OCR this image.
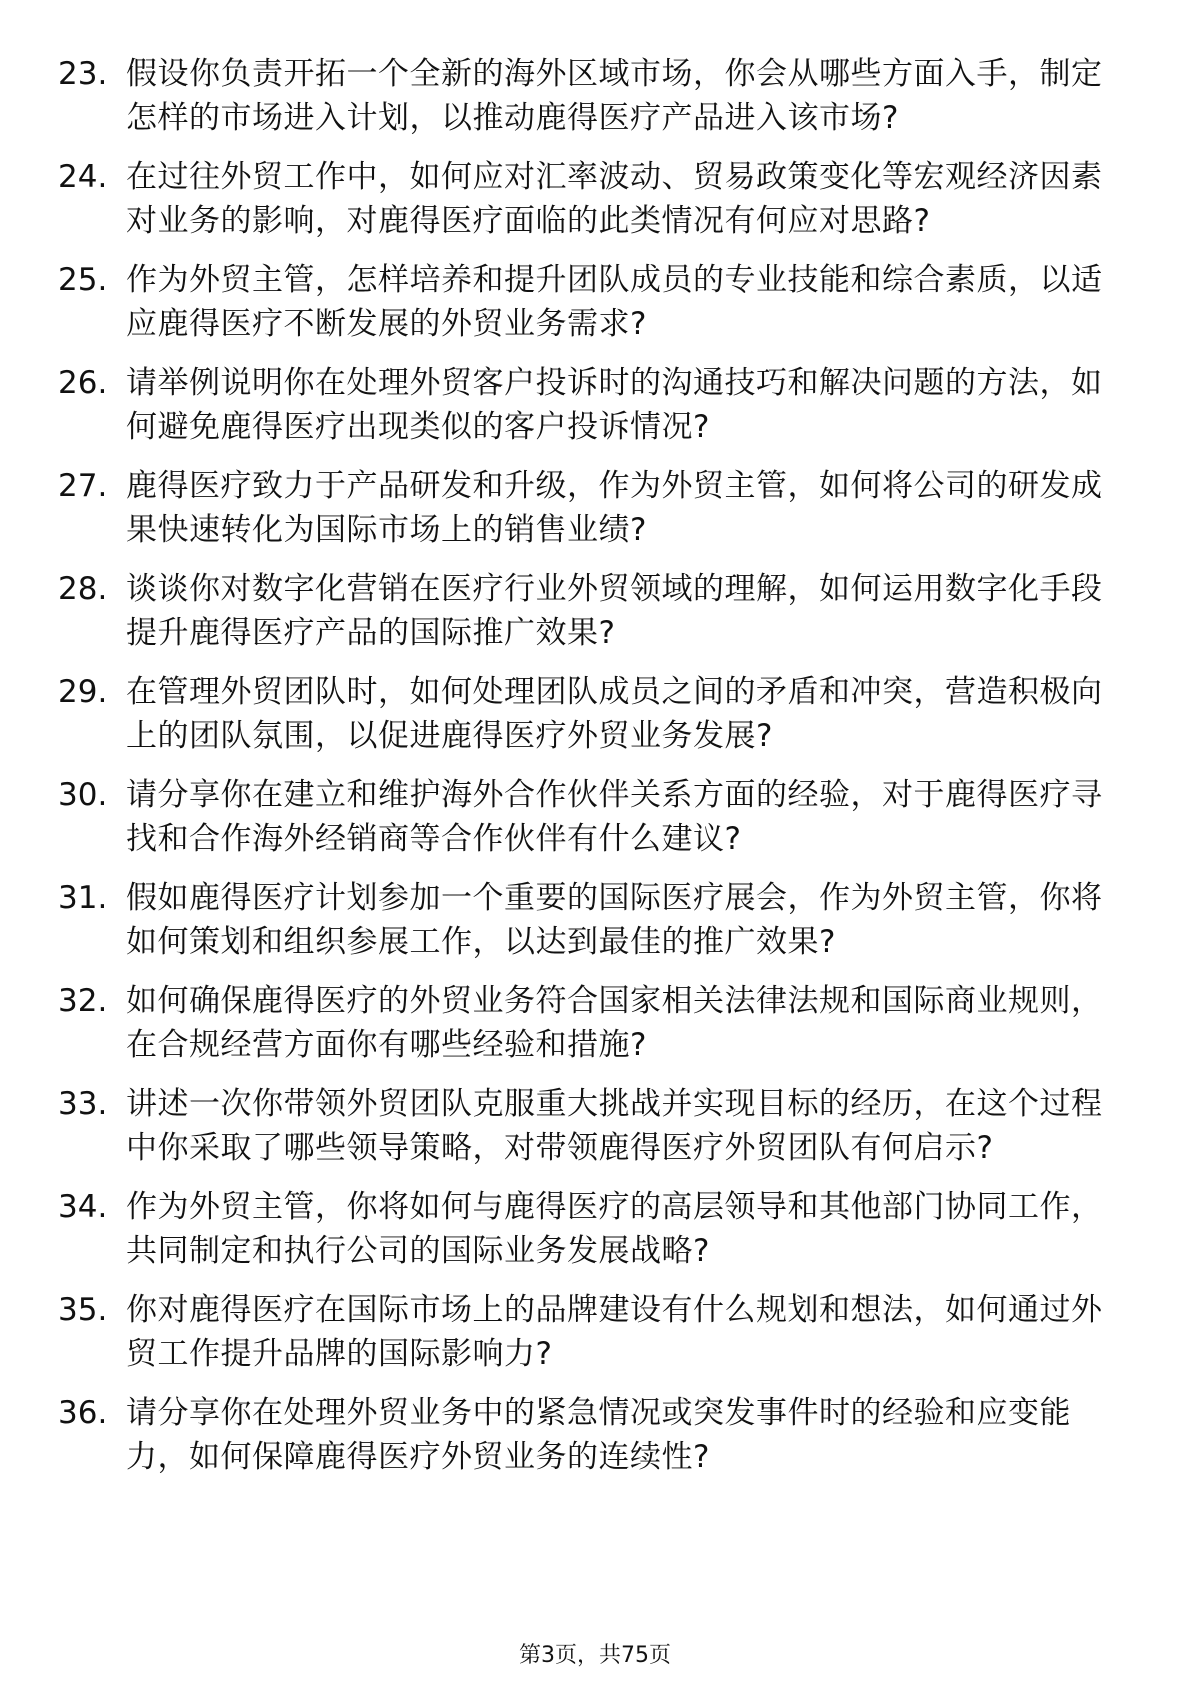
23. 假设你负责开拓一个全新的海外区域市场，你会从哪些方面入手，制定怎样的市场进入计划，以推动鹿得医疗产品进入该市场?
24. 在过往外贸工作中，如何应对汇率波动、贸易政策变化等宏观经济因素对业务的影响，对鹿得医疗面临的此类情况有何应对思路?
25. 作为外贸主管，怎样培养和提升团队成员的专业技能和综合素质，以适应鹿得医疗不断发展的外贸业务需求?
26. 请举例说明你在处理外贸客户投诉时的沟通技巧和解决问题的方法，如何避免鹿得医疗出现类似的客户投诉情况?
27. 鹿得医疗致力于产品研发和升级，作为外贸主管，如何将公司的研发成果快速转化为国际市场上的销售业绩?
28. 谈谈你对数字化营销在医疗行业外贸领域的理解，如何运用数字化手段提升鹿得医疗产品的国际推广效果?
29. 在管理外贸团队时，如何处理团队成员之间的矛盾和冲突，营造积极向上的团队氛围，以促进鹿得医疗外贸业务发展?
30. 请分享你在建立和维护海外合作伙伴关系方面的经验，对于鹿得医疗寻找和合作海外经销商等合作伙伴有什么建议?
31. 假如鹿得医疗计划参加一个重要的国际医疗展会，作为外贸主管，你将如何策划和组织参展工作，以达到最佳的推广效果?
32. 如何确保鹿得医疗的外贸业务符合国家相关法律法规和国际商业规则，在合规经营方面你有哪些经验和措施?
33. 讲述一次你带领外贸团队克服重大挑战并实现目标的经历，在这个过程中你采取了哪些领导策略，对带领鹿得医疗外贸团队有何启示?
34. 作为外贸主管，你将如何与鹿得医疗的高层领导和其他部门协同工作，共同制定和执行公司的国际业务发展战略?
35. 你对鹿得医疗在国际市场上的品牌建设有什么规划和想法，如何通过外贸工作提升品牌的国际影响力?
36. 请分享你在处理外贸业务中的紧急情况或突发事件时的经验和应变能力，如何保障鹿得医疗外贸业务的连续性?
第3页，共75页
